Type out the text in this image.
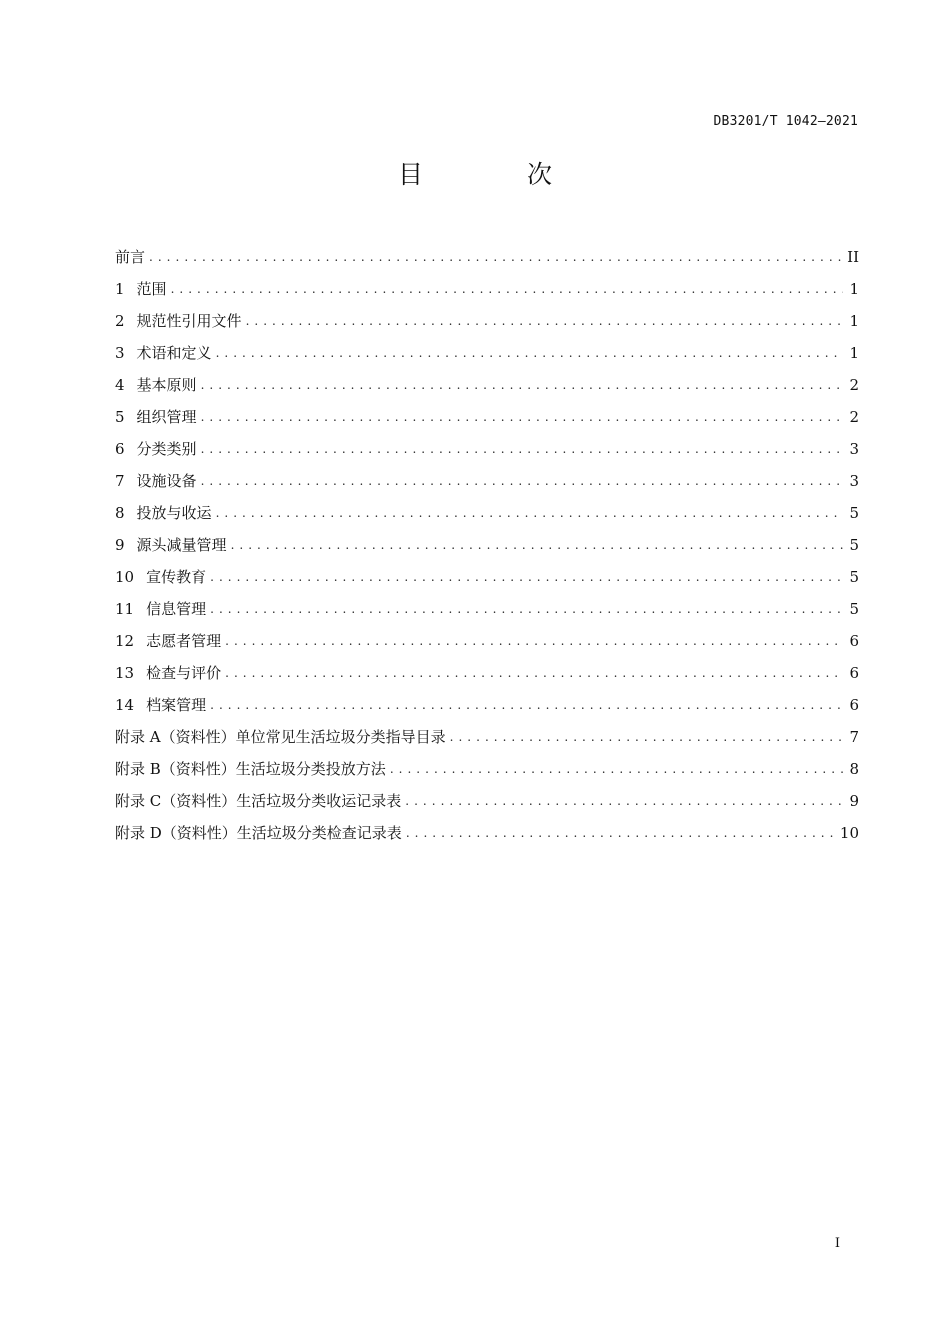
DB3201/T 1042—2021
目 次
前言 . . .	II
1 范围 . . .	1
2 规范性引用文件 . . .	1
3 术语和定义 . . .	1
4 基本原则 . . .	2
5 组织管理 . . .	2
6 分类类别 . . .	3
7 设施设备 . . .	3
8 投放与收运 . . .	5
9 源头减量管理 . . .	5
10 宣传教育 . . .	5
11 信息管理 . . .	5
12 志愿者管理 . . .	6
13 检查与评价 . . .	6
14 档案管理 . . .	6
附录 A（资料性） 单位常见生活垃圾分类指导目录 . . .	7
附录 B（资料性） 生活垃圾分类投放方法 . . .	8
附录 C（资料性） 生活垃圾分类收运记录表 . . .	9
附录 D（资料性） 生活垃圾分类检查记录表 . . .	10
I
